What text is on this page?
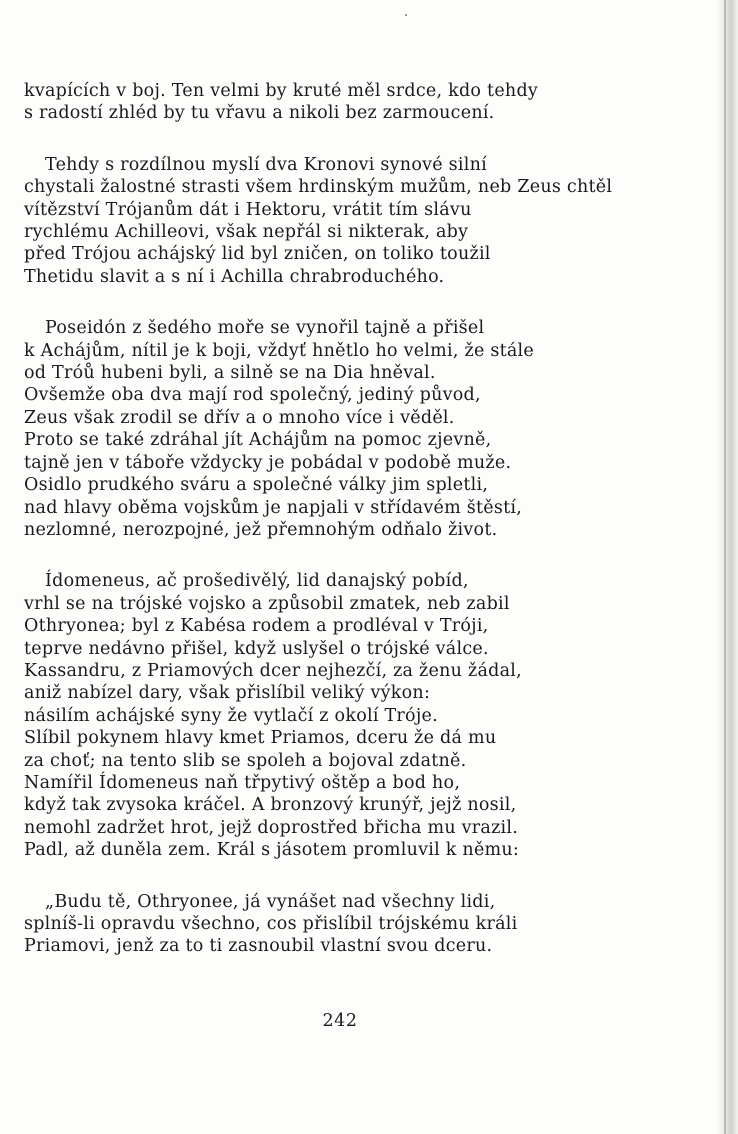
kvapících v boj. Ten velmi by kruté měl srdce, kdo tehdy
s radostí zhléd by tu vřavu a nikoli bez zarmoucení.
Tehdy s rozdílnou myslí dva Kronovi synové silní
chystali žalostné strasti všem hrdinským mužům, neb Zeus chtěl
vítězství Trójanům dát i Hektoru, vrátit tím slávu
rychlému Achilleovi, však nepřál si nikterak, aby
před Trójou achájský lid byl zničen, on toliko toužil
Thetidu slavit a s ní i Achilla chrabroduchého.
Poseidón z šedého moře se vynořil tajně a přišel
k Achájům, nítil je k boji, vždyť hnětlo ho velmi, že stále
od Tróů hubeni byli, a silně se na Dia hněval.
Ovšemže oba dva mají rod společný, jediný původ,
Zeus však zrodil se dřív a o mnoho více i věděl.
Proto se také zdráhal jít Achájům na pomoc zjevně,
tajně jen v táboře vždycky je pobádal v podobě muže.
Osidlo prudkého sváru a společné války jim spletli,
nad hlavy oběma vojskům je napjali v střídavém štěstí,
nezlomné, nerozpojné, jež přemnohým odňalo život.
Ídomeneus, ač prošedivělý, lid danajský pobíd,
vrhl se na trójské vojsko a způsobil zmatek, neb zabil
Othryonea; byl z Kabésa rodem a prodléval v Tróji,
teprve nedávno přišel, když uslyšel o trójské válce.
Kassandru, z Priamových dcer nejhezčí, za ženu žádal,
aniž nabízel dary, však přislíbil veliký výkon:
násilím achájské syny že vytlačí z okolí Tróje.
Slíbil pokynem hlavy kmet Priamos, dceru že dá mu
za choť; na tento slib se spoleh a bojoval zdatně.
Namířil Ídomeneus naň třpytivý oštěp a bod ho,
když tak zvysoka kráčel. A bronzový krunýř, jejž nosil,
nemohl zadržet hrot, jejž doprostřed břicha mu vrazil.
Padl, až duněla zem. Král s jásotem promluvil k němu:
„Budu tě, Othryonee, já vynášet nad všechny lidi,
splníš-li opravdu všechno, cos přislíbil trójskému králi
Priamovi, jenž za to ti zasnoubil vlastní svou dceru.
242
